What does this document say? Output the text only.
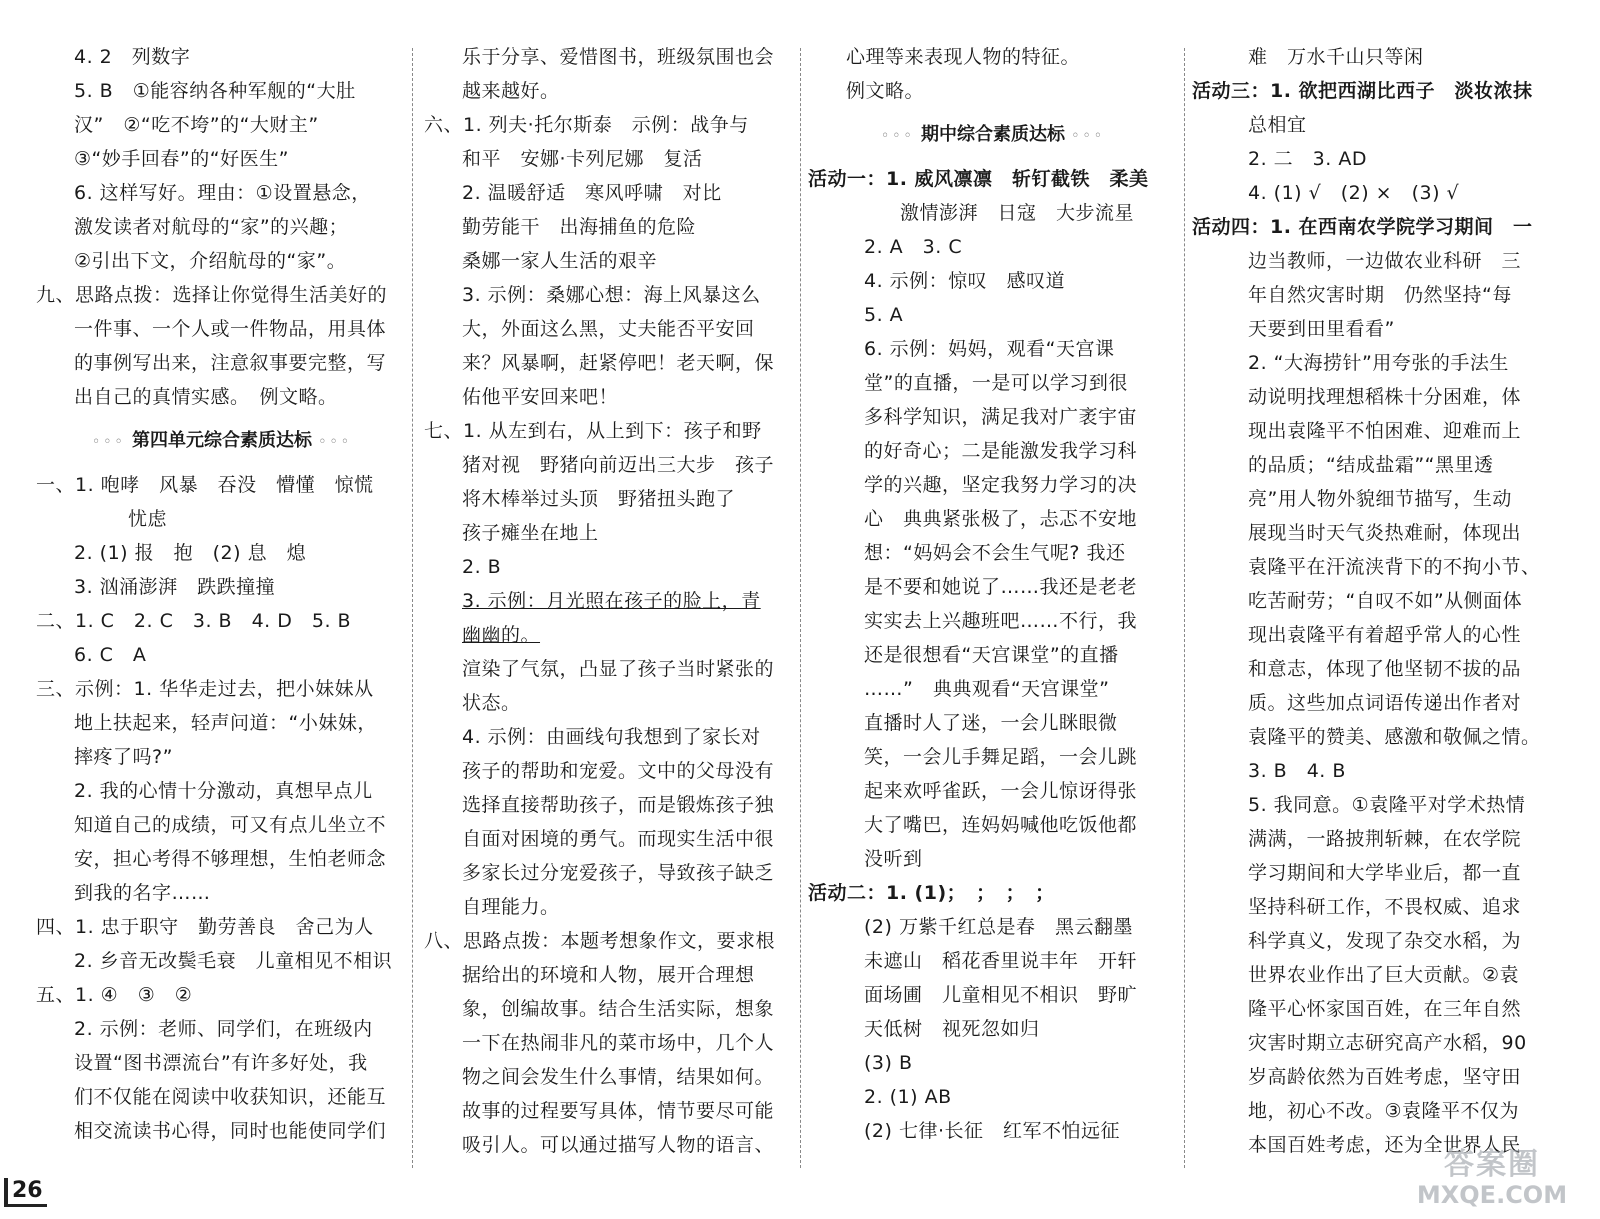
4. 2　列数字
5. B　①能容纳各种军舰的“大肚
汉”　②“吃不垮”的“大财主”
③“妙手回春”的“好医生”
6. 这样写好。理由：①设置悬念，
激发读者对航母的“家”的兴趣；
②引出下文，介绍航母的“家”。
九、思路点拨：选择让你觉得生活美好的
一件事、一个人或一件物品，用具体
的事例写出来，注意叙事要完整，写
出自己的真情实感。　例文略。
◦◦◦ 第四单元综合素质达标 ◦◦◦
一、1. 咆哮　风暴　吞没　懵懂　惊慌
忧虑
2. (1) 报　抱　(2) 息　熄
3. 汹涌澎湃　跌跌撞撞
二、1. C　2. C　3. B　4. D　5. B
6. C　A
三、示例：1. 华华走过去，把小妹妹从
地上扶起来，轻声问道：“小妹妹，
摔疼了吗?”
2. 我的心情十分激动，真想早点儿
知道自己的成绩，可又有点儿坐立不
安，担心考得不够理想，生怕老师念
到我的名字……
四、1. 忠于职守　勤劳善良　舍己为人
2. 乡音无改鬓毛衰　儿童相见不相识
五、1. ④　③　②
2. 示例：老师、同学们，在班级内
设置“图书漂流台”有许多好处，我
们不仅能在阅读中收获知识，还能互
相交流读书心得，同时也能使同学们
乐于分享、爱惜图书，班级氛围也会
越来越好。
六、1. 列夫·托尔斯泰　示例：战争与
和平　安娜·卡列尼娜　复活
2. 温暖舒适　寒风呼啸　对比
勤劳能干　出海捕鱼的危险
桑娜一家人生活的艰辛
3. 示例：桑娜心想：海上风暴这么
大，外面这么黑，丈夫能否平安回
来？风暴啊，赶紧停吧！老天啊，保
佑他平安回来吧！
七、1. 从左到右，从上到下：孩子和野
猪对视　野猪向前迈出三大步　孩子
将木棒举过头顶　野猪扭头跑了
孩子瘫坐在地上
2. B
3. 示例：月光照在孩子的脸上，青
幽幽的。
渲染了气氛，凸显了孩子当时紧张的
状态。
4. 示例：由画线句我想到了家长对
孩子的帮助和宠爱。文中的父母没有
选择直接帮助孩子，而是锻炼孩子独
自面对困境的勇气。而现实生活中很
多家长过分宠爱孩子，导致孩子缺乏
自理能力。
八、思路点拨：本题考想象作文，要求根
据给出的环境和人物，展开合理想
象，创编故事。结合生活实际，想象
一下在热闹非凡的菜市场中，几个人
物之间会发生什么事情，结果如何。
故事的过程要写具体，情节要尽可能
吸引人。可以通过描写人物的语言、
心理等来表现人物的特征。
例文略。
◦◦◦ 期中综合素质达标 ◦◦◦
活动一：1. 威风凛凛　斩钉截铁　柔美
激情澎湃　日寇　大步流星
2. A　3. C
4. 示例：惊叹　感叹道
5. A
6. 示例：妈妈，观看“天宫课
堂”的直播，一是可以学习到很
多科学知识，满足我对广袤宇宙
的好奇心；二是能激发我学习科
学的兴趣，坚定我努力学习的决
心　典典紧张极了，忐忑不安地
想：“妈妈会不会生气呢? 我还
是不要和她说了……我还是老老
实实去上兴趣班吧……不行，我
还是很想看“天宫课堂”的直播
……”　典典观看“天宫课堂”
直播时人了迷，一会儿眯眼微
笑，一会儿手舞足蹈，一会儿跳
起来欢呼雀跃，一会儿惊讶得张
大了嘴巴，连妈妈喊他吃饭他都
没听到
活动二：1. (1)；　；　；　；
(2) 万紫千红总是春　黑云翻墨
未遮山　稻花香里说丰年　开轩
面场圃　儿童相见不相识　野旷
天低树　视死忽如归
(3) B
2. (1) AB
(2) 七律·长征　红军不怕远征
难　万水千山只等闲
活动三：1. 欲把西湖比西子　淡妆浓抹
总相宜
2. 二　3. AD
4. (1) √　(2) ×　(3) √
活动四：1. 在西南农学院学习期间　一
边当教师，一边做农业科研　三
年自然灾害时期　仍然坚持“每
天要到田里看看”
2. “大海捞针”用夸张的手法生
动说明找理想稻株十分困难，体
现出袁隆平不怕困难、迎难而上
的品质；“结成盐霜”“黑里透
亮”用人物外貌细节描写，生动
展现当时天气炎热难耐，体现出
袁隆平在汗流浃背下的不拘小节、
吃苦耐劳；“自叹不如”从侧面体
现出袁隆平有着超乎常人的心性
和意志，体现了他坚韧不拔的品
质。这些加点词语传递出作者对
袁隆平的赞美、感激和敬佩之情。
3. B　4. B
5. 我同意。①袁隆平对学术热情
满满，一路披荆斩棘，在农学院
学习期间和大学毕业后，都一直
坚持科研工作，不畏权威、追求
科学真义，发现了杂交水稻，为
世界农业作出了巨大贡献。②袁
隆平心怀家国百姓，在三年自然
灾害时期立志研究高产水稻，90
岁高龄依然为百姓考虑，坚守田
地，初心不改。③袁隆平不仅为
本国百姓考虑，还为全世界人民
26
答案圈
MXQE.COM
